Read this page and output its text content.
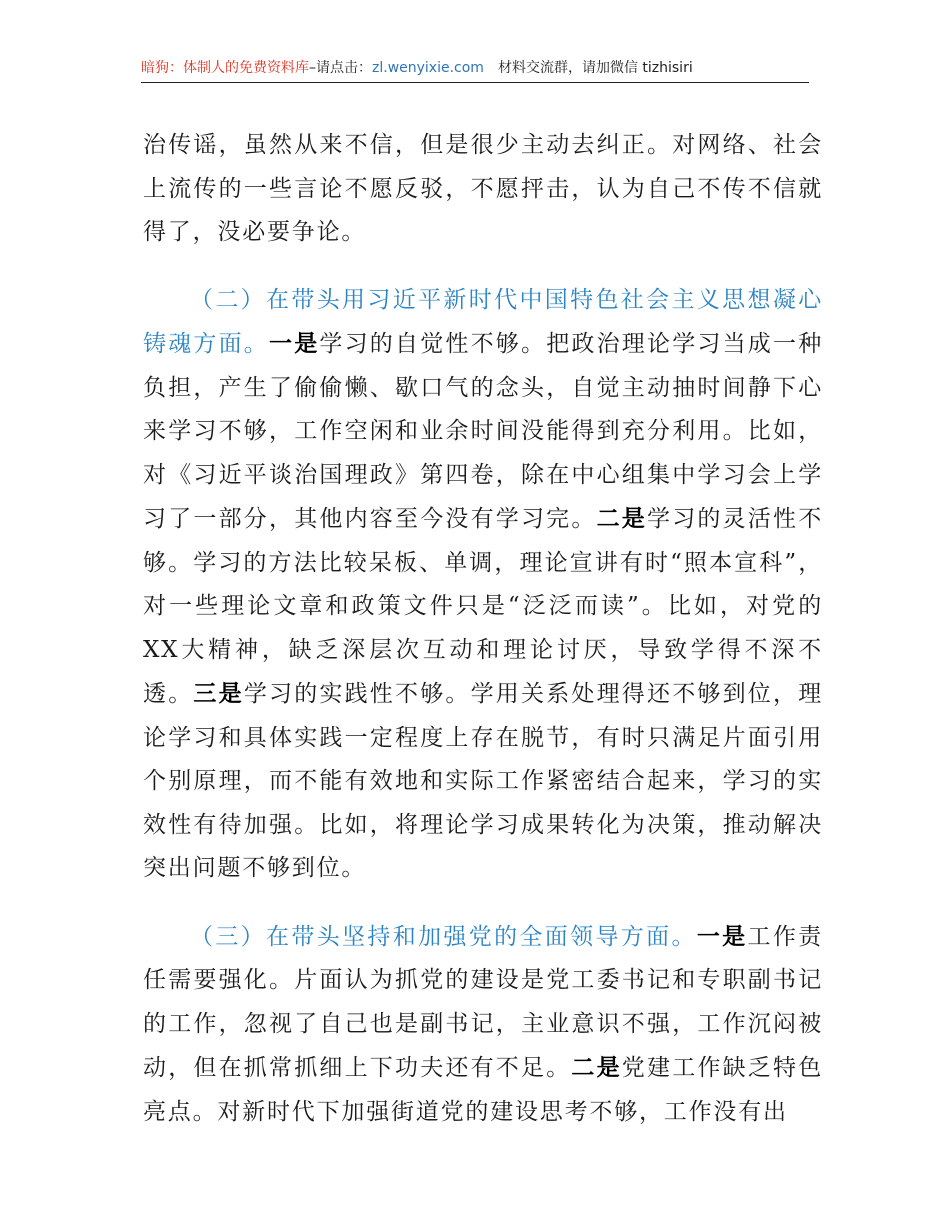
暗狗：体制人的免费资料库–请点击：zl.wenyixie.com 材料交流群，请加微信 tizhisiri

治传谣，虽然从来不信，但是很少主动去纠正。对网络、社会上流传的一些言论不愿反驳，不愿抨击，认为自己不传不信就得了，没必要争论。

（二）在带头用习近平新时代中国特色社会主义思想凝心铸魂方面。一是学习的自觉性不够。把政治理论学习当成一种负担，产生了偷偷懒、歇口气的念头，自觉主动抽时间静下心来学习不够，工作空闲和业余时间没能得到充分利用。比如，对《习近平谈治国理政》第四卷，除在中心组集中学习会上学习了一部分，其他内容至今没有学习完。二是学习的灵活性不够。学习的方法比较呆板、单调，理论宣讲有时“照本宣科”，对一些理论文章和政策文件只是“泛泛而读”。比如，对党的XX大精神，缺乏深层次互动和理论讨厌，导致学得不深不透。三是学习的实践性不够。学用关系处理得还不够到位，理论学习和具体实践一定程度上存在脱节，有时只满足片面引用个别原理，而不能有效地和实际工作紧密结合起来，学习的实效性有待加强。比如，将理论学习成果转化为决策，推动解决突出问题不够到位。

（三）在带头坚持和加强党的全面领导方面。一是工作责任需要强化。片面认为抓党的建设是党工委书记和专职副书记的工作，忽视了自己也是副书记，主业意识不强，工作沉闷被动，但在抓常抓细上下功夫还有不足。二是党建工作缺乏特色亮点。对新时代下加强街道党的建设思考不够，工作没有出
